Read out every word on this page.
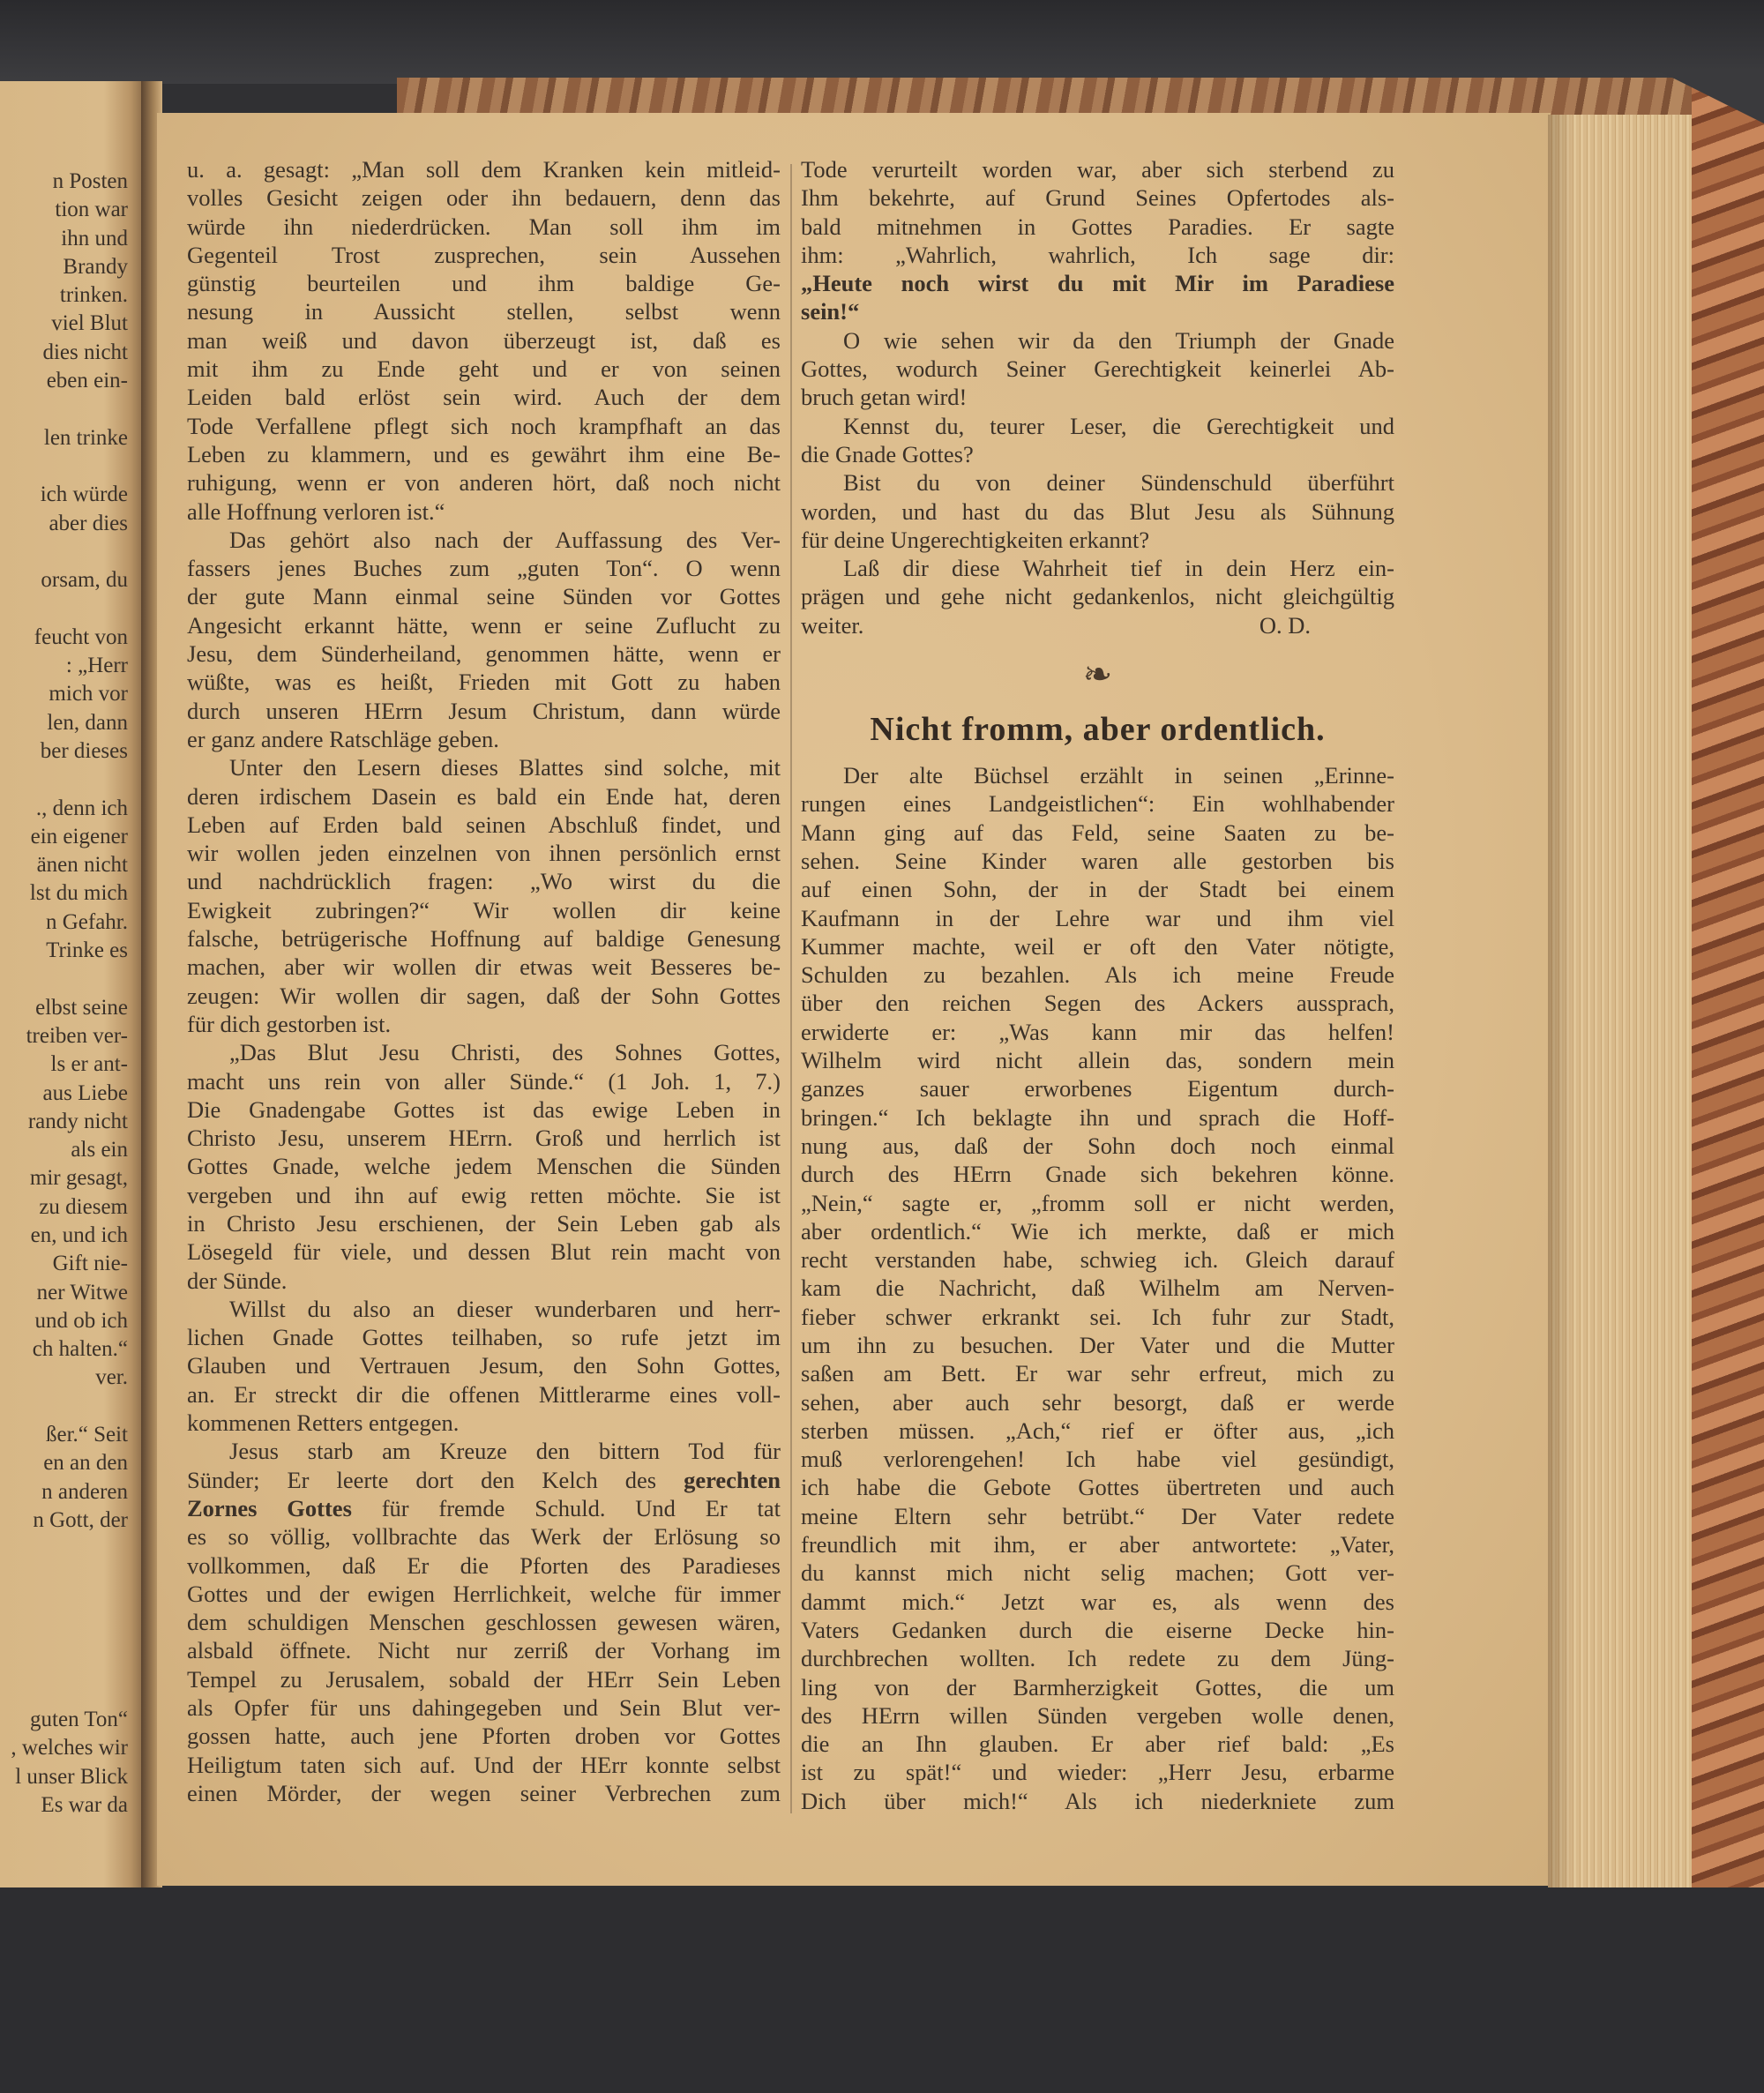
n Posten
tion war
ihn und
Brandy
trinken.
viel Blut
dies nicht
eben ein-
len trinke
ich würde
aber dies
orsam, du
feucht von
: „Herr
mich vor
len, dann
ber dieses
., denn ich
ein eigener
änen nicht
lst du mich
n Gefahr.
Trinke es
elbst seine
treiben ver-
ls er ant-
aus Liebe
randy nicht
als ein
mir gesagt,
zu diesem
en, und ich
Gift nie-
ner Witwe
und ob ich
ch halten.“
ver.
ßer.“ Seit
en an den
n anderen
n Gott, der
guten Ton“
, welches wir
l unser Blick
Es war da
u. a. gesagt: „Man soll dem Kranken kein mitleid-
volles Gesicht zeigen oder ihn bedauern, denn das
würde ihn niederdrücken. Man soll ihm im
Gegenteil Trost zusprechen, sein Aussehen
günstig beurteilen und ihm baldige Ge-
nesung in Aussicht stellen, selbst wenn
man weiß und davon überzeugt ist, daß es
mit ihm zu Ende geht und er von seinen
Leiden bald erlöst sein wird. Auch der dem
Tode Verfallene pflegt sich noch krampfhaft an das
Leben zu klammern, und es gewährt ihm eine Be-
ruhigung, wenn er von anderen hört, daß noch nicht
alle Hoffnung verloren ist.“
Das gehört also nach der Auffassung des Ver-
fassers jenes Buches zum „guten Ton“. O wenn
der gute Mann einmal seine Sünden vor Gottes
Angesicht erkannt hätte, wenn er seine Zuflucht zu
Jesu, dem Sünderheiland, genommen hätte, wenn er
wüßte, was es heißt, Frieden mit Gott zu haben
durch unseren HErrn Jesum Christum, dann würde
er ganz andere Ratschläge geben.
Unter den Lesern dieses Blattes sind solche, mit
deren irdischem Dasein es bald ein Ende hat, deren
Leben auf Erden bald seinen Abschluß findet, und
wir wollen jeden einzelnen von ihnen persönlich ernst
und nachdrücklich fragen: „Wo wirst du die
Ewigkeit zubringen?“ Wir wollen dir keine
falsche, betrügerische Hoffnung auf baldige Genesung
machen, aber wir wollen dir etwas weit Besseres be-
zeugen: Wir wollen dir sagen, daß der Sohn Gottes
für dich gestorben ist.
„Das Blut Jesu Christi, des Sohnes Gottes,
macht uns rein von aller Sünde.“ (1 Joh. 1, 7.)
Die Gnadengabe Gottes ist das ewige Leben in
Christo Jesu, unserem HErrn. Groß und herrlich ist
Gottes Gnade, welche jedem Menschen die Sünden
vergeben und ihn auf ewig retten möchte. Sie ist
in Christo Jesu erschienen, der Sein Leben gab als
Lösegeld für viele, und dessen Blut rein macht von
der Sünde.
Willst du also an dieser wunderbaren und herr-
lichen Gnade Gottes teilhaben, so rufe jetzt im
Glauben und Vertrauen Jesum, den Sohn Gottes,
an. Er streckt dir die offenen Mittlerarme eines voll-
kommenen Retters entgegen.
Jesus starb am Kreuze den bittern Tod für
Sünder; Er leerte dort den Kelch des gerechten
Zornes Gottes für fremde Schuld. Und Er tat
es so völlig, vollbrachte das Werk der Erlösung so
vollkommen, daß Er die Pforten des Paradieses
Gottes und der ewigen Herrlichkeit, welche für immer
dem schuldigen Menschen geschlossen gewesen wären,
alsbald öffnete. Nicht nur zerriß der Vorhang im
Tempel zu Jerusalem, sobald der HErr Sein Leben
als Opfer für uns dahingegeben und Sein Blut ver-
gossen hatte, auch jene Pforten droben vor Gottes
Heiligtum taten sich auf. Und der HErr konnte selbst
einen Mörder, der wegen seiner Verbrechen zum
Tode verurteilt worden war, aber sich sterbend zu
Ihm bekehrte, auf Grund Seines Opfertodes als-
bald mitnehmen in Gottes Paradies. Er sagte
ihm: „Wahrlich, wahrlich, Ich sage dir:
„Heute noch wirst du mit Mir im Paradiese
sein!“
O wie sehen wir da den Triumph der Gnade
Gottes, wodurch Seiner Gerechtigkeit keinerlei Ab-
bruch getan wird!
Kennst du, teurer Leser, die Gerechtigkeit und
die Gnade Gottes?
Bist du von deiner Sündenschuld überführt
worden, und hast du das Blut Jesu als Sühnung
für deine Ungerechtigkeiten erkannt?
Laß dir diese Wahrheit tief in dein Herz ein-
prägen und gehe nicht gedankenlos, nicht gleichgültig
weiter.	O. D.
❧
Nicht fromm, aber ordentlich.
Der alte Büchsel erzählt in seinen „Erinne-
rungen eines Landgeistlichen“: Ein wohlhabender
Mann ging auf das Feld, seine Saaten zu be-
sehen. Seine Kinder waren alle gestorben bis
auf einen Sohn, der in der Stadt bei einem
Kaufmann in der Lehre war und ihm viel
Kummer machte, weil er oft den Vater nötigte,
Schulden zu bezahlen. Als ich meine Freude
über den reichen Segen des Ackers aussprach,
erwiderte er: „Was kann mir das helfen!
Wilhelm wird nicht allein das, sondern mein
ganzes sauer erworbenes Eigentum durch-
bringen.“ Ich beklagte ihn und sprach die Hoff-
nung aus, daß der Sohn doch noch einmal
durch des HErrn Gnade sich bekehren könne.
„Nein,“ sagte er, „fromm soll er nicht werden,
aber ordentlich.“ Wie ich merkte, daß er mich
recht verstanden habe, schwieg ich. Gleich darauf
kam die Nachricht, daß Wilhelm am Nerven-
fieber schwer erkrankt sei. Ich fuhr zur Stadt,
um ihn zu besuchen. Der Vater und die Mutter
saßen am Bett. Er war sehr erfreut, mich zu
sehen, aber auch sehr besorgt, daß er werde
sterben müssen. „Ach,“ rief er öfter aus, „ich
muß verlorengehen! Ich habe viel gesündigt,
ich habe die Gebote Gottes übertreten und auch
meine Eltern sehr betrübt.“ Der Vater redete
freundlich mit ihm, er aber antwortete: „Vater,
du kannst mich nicht selig machen; Gott ver-
dammt mich.“ Jetzt war es, als wenn des
Vaters Gedanken durch die eiserne Decke hin-
durchbrechen wollten. Ich redete zu dem Jüng-
ling von der Barmherzigkeit Gottes, die um
des HErrn willen Sünden vergeben wolle denen,
die an Ihn glauben. Er aber rief bald: „Es
ist zu spät!“ und wieder: „Herr Jesu, erbarme
Dich über mich!“ Als ich niederkniete zum
